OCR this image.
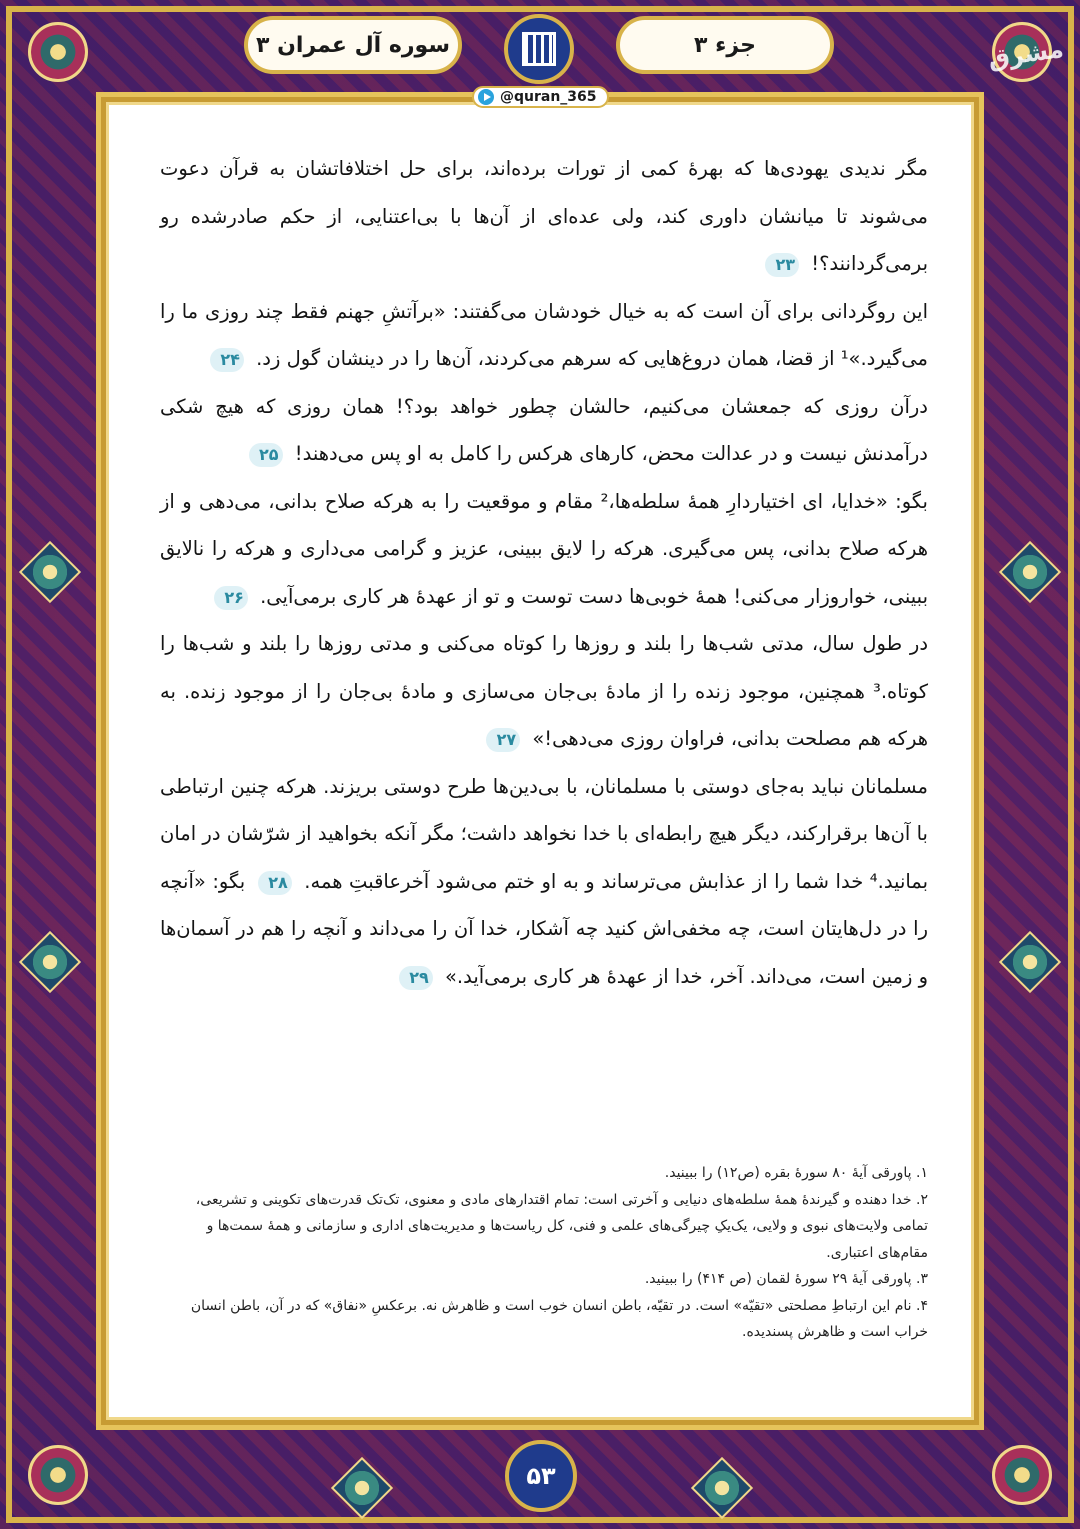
سوره آل عمران ۳	جزء ۳
@quran_365
مشرق

مگر ندیدی یهودی‌ها که بهرهٔ کمی از تورات برده‌اند، برای حل اختلافاتشان به قرآن دعوت می‌شوند تا میانشان داوری کند، ولی عده‌ای از آن‌ها با بی‌اعتنایی، از حکم صادرشده رو برمی‌گردانند؟! ۲۳

این روگردانی برای آن است که به خیال خودشان می‌گفتند: «برآتشِ جهنم فقط چند روزی ما را می‌گیرد.»¹ از قضا، همان دروغ‌هایی که سرهم می‌کردند، آن‌ها را در دینشان گول زد. ۲۴

درآن روزی که جمعشان می‌کنیم، حالشان چطور خواهد بود؟! همان روزی که هیچ شکی درآمدنش نیست و در عدالت محض، کارهای هرکس را کامل به او پس می‌دهند! ۲۵

بگو: «خدایا، ای اختیاردارِ همهٔ سلطه‌ها،² مقام و موقعیت را به هرکه صلاح بدانی، می‌دهی و از هرکه صلاح بدانی، پس می‌گیری. هرکه را لایق ببینی، عزیز و گرامی می‌داری و هرکه را نالایق ببینی، خوارو‌زار می‌کنی! همهٔ خوبی‌ها دست توست و تو از عهدهٔ هر کاری برمی‌آیی. ۲۶

در طول سال، مدتی شب‌ها را بلند و روزها را کوتاه می‌کنی و مدتی روزها را بلند و شب‌ها را کوتاه.³ همچنین، موجود زنده را از مادهٔ بی‌جان می‌سازی و مادهٔ بی‌جان را از موجود زنده. به هرکه هم مصلحت بدانی، فراوان روزی می‌دهی!» ۲۷

مسلمانان نباید به‌جای دوستی با مسلمانان، با بی‌دین‌ها طرح دوستی بریزند. هرکه چنین ارتباطی با آن‌ها برقرارکند، دیگر هیچ رابطه‌ای با خدا نخواهد داشت؛ مگر آنکه بخواهید از شرّشان در امان بمانید.⁴ خدا شما را از عذابش می‌ترساند و به او ختم می‌شود آخرعاقبتِ همه. ۲۸ بگو: «آنچه را در دل‌هایتان است، چه مخفی‌اش کنید چه آشکار، خدا آن را می‌داند و آنچه را هم در آسمان‌ها و زمین است، می‌داند. آخر، خدا از عهدهٔ هر کاری برمی‌آید.» ۲۹

۱. پاورقی آیهٔ ۸۰ سورهٔ بقره (ص۱۲) را ببینید.

۲. خدا دهنده و گیرندهٔ همهٔ سلطه‌های دنیایی و آخرتی است: تمام اقتدارهای مادی و معنوی، تک‌تک قدرت‌های تکوینی و تشریعی، تمامی ولایت‌های نبوی و ولایی، یک‌یکِ چیرگی‌های علمی و فنی، کل ریاست‌ها و مدیریت‌های اداری و سازمانی و همهٔ سمت‌ها و مقام‌های اعتباری.

۳. پاورقی آیهٔ ۲۹ سورهٔ لقمان (ص ۴۱۴) را ببینید.

۴. نام این ارتباطِ مصلحتی «تقیّه» است. در تقیّه، باطن انسان خوب است و ظاهرش نه. برعکسِ «نفاق» که در آن، باطن انسان خراب است و ظاهرش پسندیده.

۵۳
